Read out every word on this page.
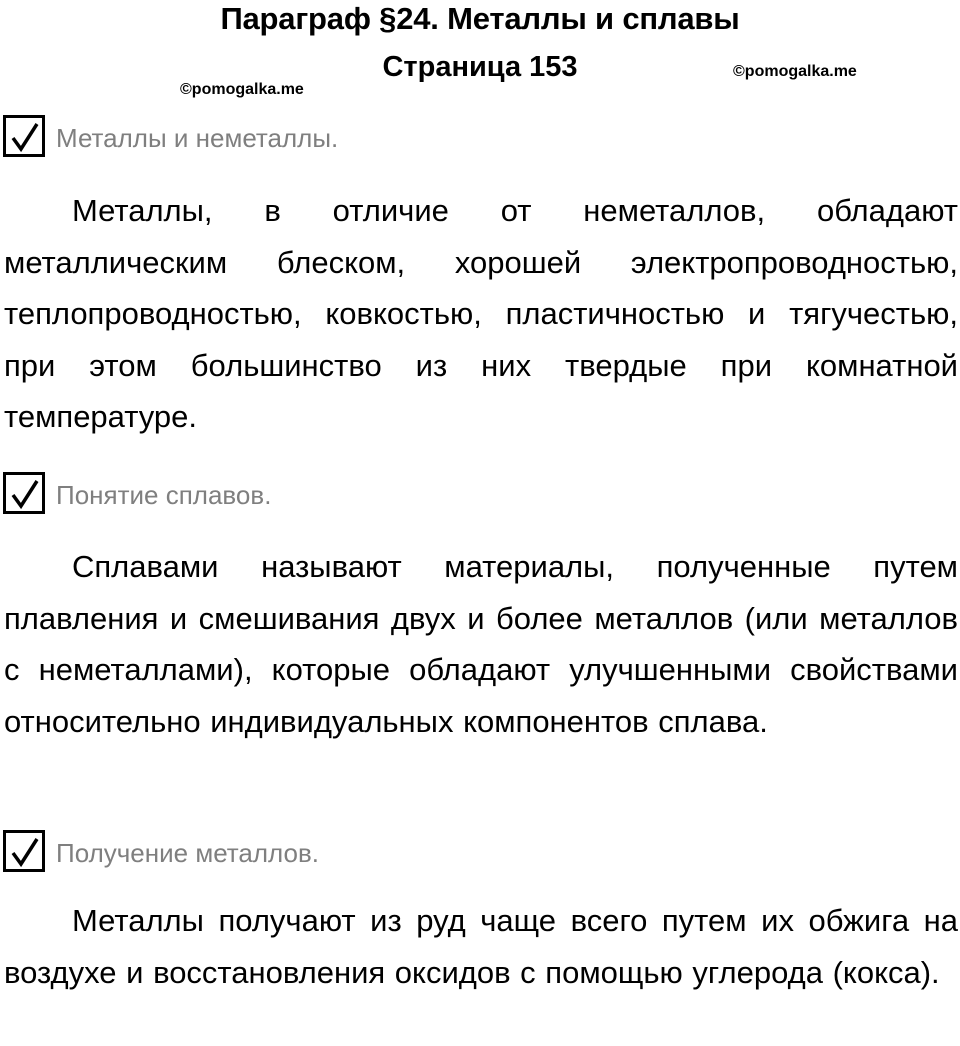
Параграф §24. Металлы и сплавы
Страница 153
©pomogalka.me
©pomogalka.me
Металлы и неметаллы.

Металлы, в отличие от неметаллов, обладают металлическим блеском, хорошей электропроводностью, теплопроводностью, ковкостью, пластичностью и тягучестью, при этом большинство из них твердые при комнатной температуре.

Понятие сплавов.

Сплавами называют материалы, полученные путем плавления и смешивания двух и более металлов (или металлов с неметаллами), которые обладают улучшенными свойствами относительно индивидуальных компонентов сплава.

Получение металлов.

Металлы получают из руд чаще всего путем их обжига на воздухе и восстановления оксидов с помощью углерода (кокса).
